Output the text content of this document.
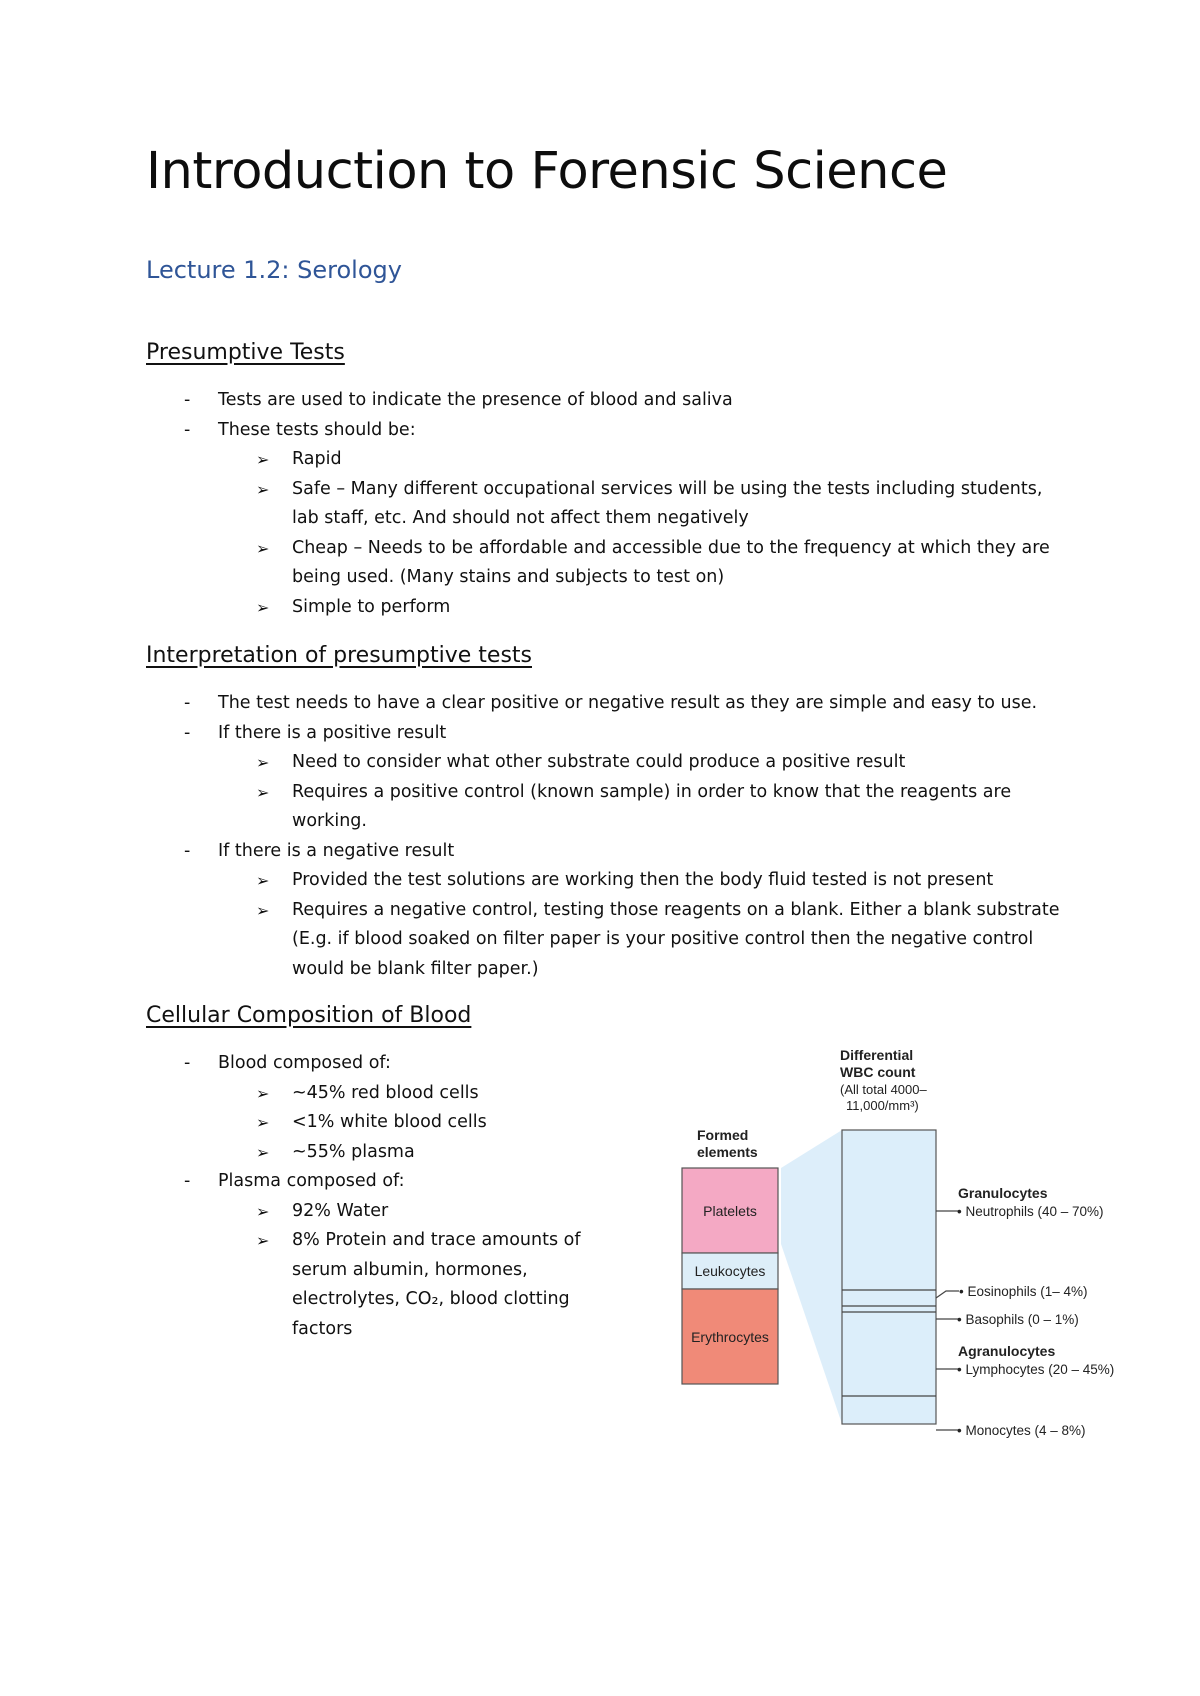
Introduction to Forensic Science
Lecture 1.2: Serology
Presumptive Tests
- Tests are used to indicate the presence of blood and saliva
- These tests should be:
➢ Rapid
➢ Safe – Many different occupational services will be using the tests including students, lab staff, etc. And should not affect them negatively
➢ Cheap – Needs to be affordable and accessible due to the frequency at which they are being used. (Many stains and subjects to test on)
➢ Simple to perform
Interpretation of presumptive tests
- The test needs to have a clear positive or negative result as they are simple and easy to use.
- If there is a positive result
➢ Need to consider what other substrate could produce a positive result
➢ Requires a positive control (known sample) in order to know that the reagents are working.
- If there is a negative result
➢ Provided the test solutions are working then the body fluid tested is not present
➢ Requires a negative control, testing those reagents on a blank. Either a blank substrate (E.g. if blood soaked on filter paper is your positive control then the negative control would be blank filter paper.)
Cellular Composition of Blood
- Blood composed of:
➢ ~45% red blood cells
➢ <1% white blood cells
➢ ~55% plasma
- Plasma composed of:
➢ 92% Water
➢ 8% Protein and trace amounts of serum albumin, hormones, electrolytes, CO₂, blood clotting factors
Differential
WBC count
(All total 4000–
11,000/mm³)
Formed
elements
Platelets
Leukocytes
Erythrocytes
Granulocytes
• Neutrophils (40 – 70%)
• Eosinophils (1– 4%)
• Basophils (0 – 1%)
Agranulocytes
• Lymphocytes (20 – 45%)
• Monocytes (4 – 8%)
